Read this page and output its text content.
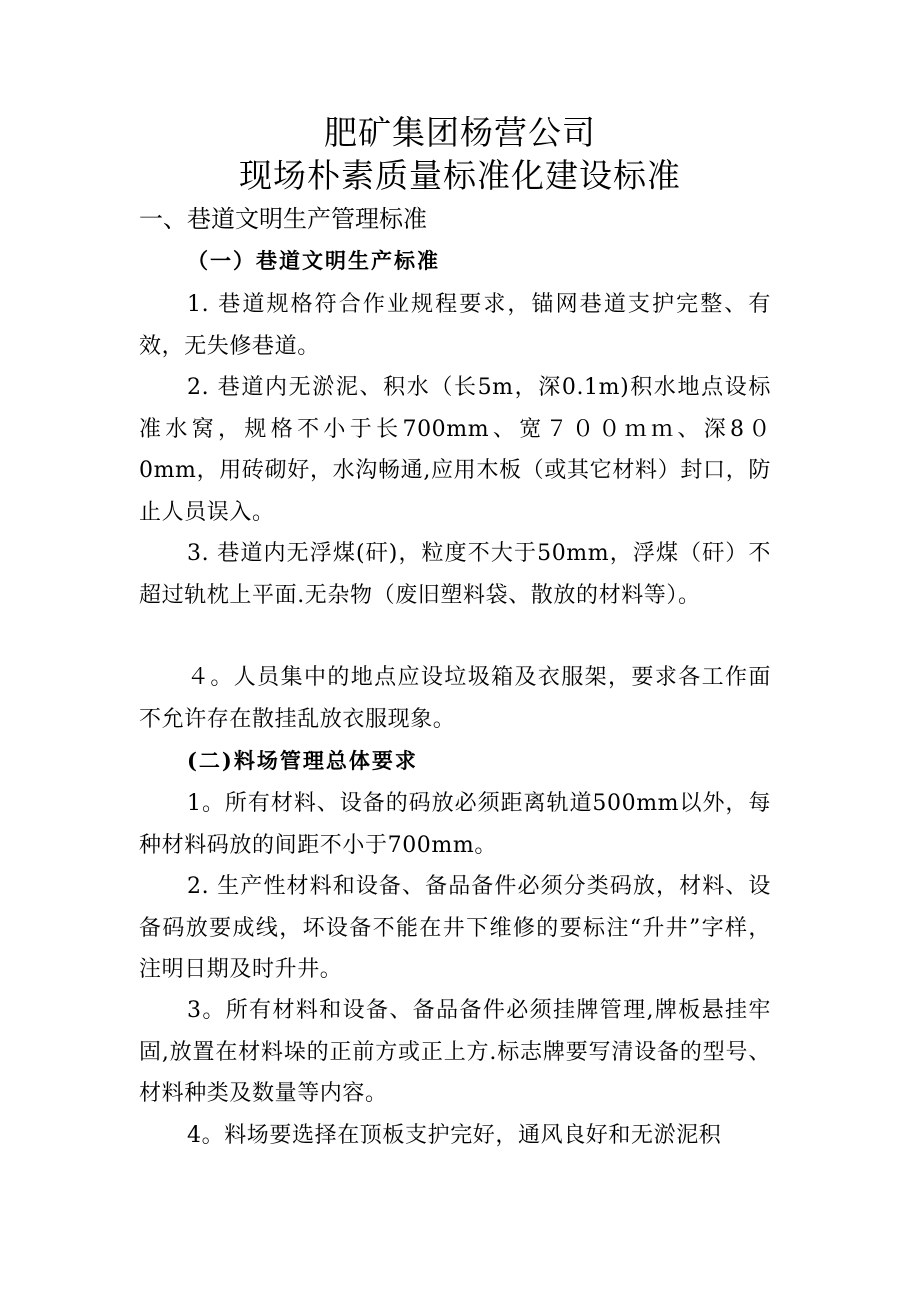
肥矿集团杨营公司
现场朴素质量标准化建设标准
一、巷道文明生产管理标准
（一）巷道文明生产标准
1. 巷道规格符合作业规程要求，锚网巷道支护完整、有效，无失修巷道。
2. 巷道内无淤泥、积水（长5m，深0.1m)积水地点设标准水窝，规格不小于长700mm、宽７００ｍｍ、深8０0mm，用砖砌好，水沟畅通,应用木板（或其它材料）封口，防止人员误入。
3. 巷道内无浮煤(矸)，粒度不大于50mm，浮煤（矸）不超过轨枕上平面.无杂物（废旧塑料袋、散放的材料等）。
４。人员集中的地点应设垃圾箱及衣服架，要求各工作面不允许存在散挂乱放衣服现象。
(二)料场管理总体要求
1。所有材料、设备的码放必须距离轨道500mm以外，每种材料码放的间距不小于700mm。
2. 生产性材料和设备、备品备件必须分类码放，材料、设备码放要成线，坏设备不能在井下维修的要标注“升井”字样，注明日期及时升井。
3。所有材料和设备、备品备件必须挂牌管理,牌板悬挂牢固,放置在材料垛的正前方或正上方.标志牌要写清设备的型号、材料种类及数量等内容。
4。料场要选择在顶板支护完好，通风良好和无淤泥积
